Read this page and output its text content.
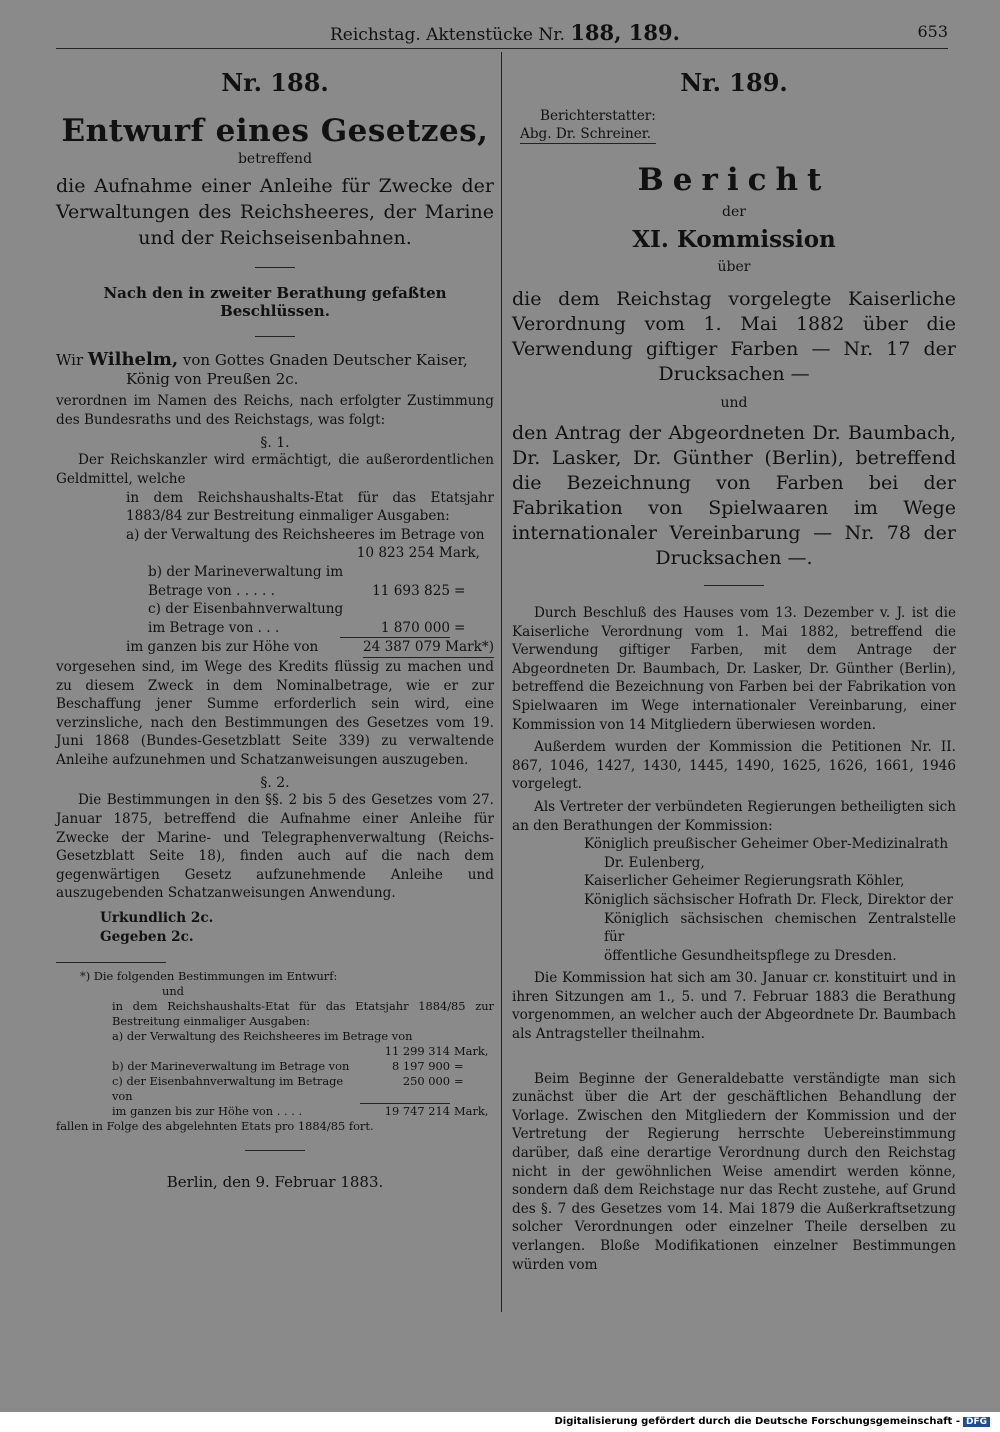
Reichstag. Aktenstücke Nr. 188, 189.	653

Nr. 188.

Entwurf eines Gesetzes,

betreffend

die Aufnahme einer Anleihe für Zwecke der Verwaltungen des Reichsheeres, der Marine und der Reichseisenbahnen.

Nach den in zweiter Berathung gefaßten Beschlüssen.

Wir Wilhelm, von Gottes Gnaden Deutscher Kaiser,

König von Preußen 2c.

verordnen im Namen des Reichs, nach erfolgter Zustimmung des Bundesraths und des Reichstags, was folgt:

§. 1.

Der Reichskanzler wird ermächtigt, die außerordentlichen Geldmittel, welche

in dem Reichshaushalts-Etat für das Etatsjahr 1883/84 zur Bestreitung einmaliger Ausgaben:

a) der Verwaltung des Reichsheeres im Betrage von

10 823 254 Mark,
b) der Marineverwaltung im
Betrage von . . . . .	11 693 825 =
c) der Eisenbahnverwaltung
im Betrage von . . .	1 870 000 =
im ganzen bis zur Höhe von	24 387 079 Mark*)

vorgesehen sind, im Wege des Kredits flüssig zu machen und zu diesem Zweck in dem Nominalbetrage, wie er zur Beschaffung jener Summe erforderlich sein wird, eine verzinsliche, nach den Bestimmungen des Gesetzes vom 19. Juni 1868 (Bundes-Gesetzblatt Seite 339) zu verwaltende Anleihe aufzunehmen und Schatzanweisungen auszugeben.

§. 2.

Die Bestimmungen in den §§. 2 bis 5 des Gesetzes vom 27. Januar 1875, betreffend die Aufnahme einer Anleihe für Zwecke der Marine- und Telegraphenverwaltung (Reichs-Gesetzblatt Seite 18), finden auch auf die nach dem gegenwärtigen Gesetz aufzunehmende Anleihe und auszugebenden Schatzanweisungen Anwendung.

Urkundlich 2c.

Gegeben 2c.

*) Die folgenden Bestimmungen im Entwurf:

und

in dem Reichshaushalts-Etat für das Etatsjahr 1884/85 zur Bestreitung einmaliger Ausgaben:

a) der Verwaltung des Reichsheeres im Betrage von

11 299 314 Mark,
b) der Marineverwaltung im Betrage von	8 197 900 =
c) der Eisenbahnverwaltung im Betrage von
250 000 =
im ganzen bis zur Höhe von . . . .	19 747 214 Mark,

fallen in Folge des abgelehnten Etats pro 1884/85 fort.

Berlin, den 9. Februar 1883.

Nr. 189.

Berichterstatter:
Abg. Dr. Schreiner.

Bericht

der

XI. Kommission

über

die dem Reichstag vorgelegte Kaiserliche Verordnung vom 1. Mai 1882 über die Verwendung giftiger Farben — Nr. 17 der Drucksachen —

und

den Antrag der Abgeordneten Dr. Baumbach, Dr. Lasker, Dr. Günther (Berlin), betreffend die Bezeichnung von Farben bei der Fabrikation von Spielwaaren im Wege internationaler Vereinbarung — Nr. 78 der Drucksachen —.

Durch Beschluß des Hauses vom 13. Dezember v. J. ist die Kaiserliche Verordnung vom 1. Mai 1882, betreffend die Verwendung giftiger Farben, mit dem Antrage der Abgeordneten Dr. Baumbach, Dr. Lasker, Dr. Günther (Berlin), betreffend die Bezeichnung von Farben bei der Fabrikation von Spielwaaren im Wege internationaler Vereinbarung, einer Kommission von 14 Mitgliedern überwiesen worden.

Außerdem wurden der Kommission die Petitionen Nr. II. 867, 1046, 1427, 1430, 1445, 1490, 1625, 1626, 1661, 1946 vorgelegt.

Als Vertreter der verbündeten Regierungen betheiligten sich an den Berathungen der Kommission:

Königlich preußischer Geheimer Ober-Medizinalrath

Dr. Eulenberg,

Kaiserlicher Geheimer Regierungsrath Köhler,

Königlich sächsischer Hofrath Dr. Fleck, Direktor der

Königlich sächsischen chemischen Zentralstelle für

öffentliche Gesundheitspflege zu Dresden.

Die Kommission hat sich am 30. Januar cr. konstituirt und in ihren Sitzungen am 1., 5. und 7. Februar 1883 die Berathung vorgenommen, an welcher auch der Abgeordnete Dr. Baumbach als Antragsteller theilnahm.

Beim Beginne der Generaldebatte verständigte man sich zunächst über die Art der geschäftlichen Behandlung der Vorlage. Zwischen den Mitgliedern der Kommission und der Vertretung der Regierung herrschte Uebereinstimmung darüber, daß eine derartige Verordnung durch den Reichstag nicht in der gewöhnlichen Weise amendirt werden könne, sondern daß dem Reichstage nur das Recht zustehe, auf Grund des §. 7 des Gesetzes vom 14. Mai 1879 die Außerkraftsetzung solcher Verordnungen oder einzelner Theile derselben zu verlangen. Bloße Modifikationen einzelner Bestimmungen würden vom

Digitalisierung gefördert durch die Deutsche Forschungsgemeinschaft - DFG
